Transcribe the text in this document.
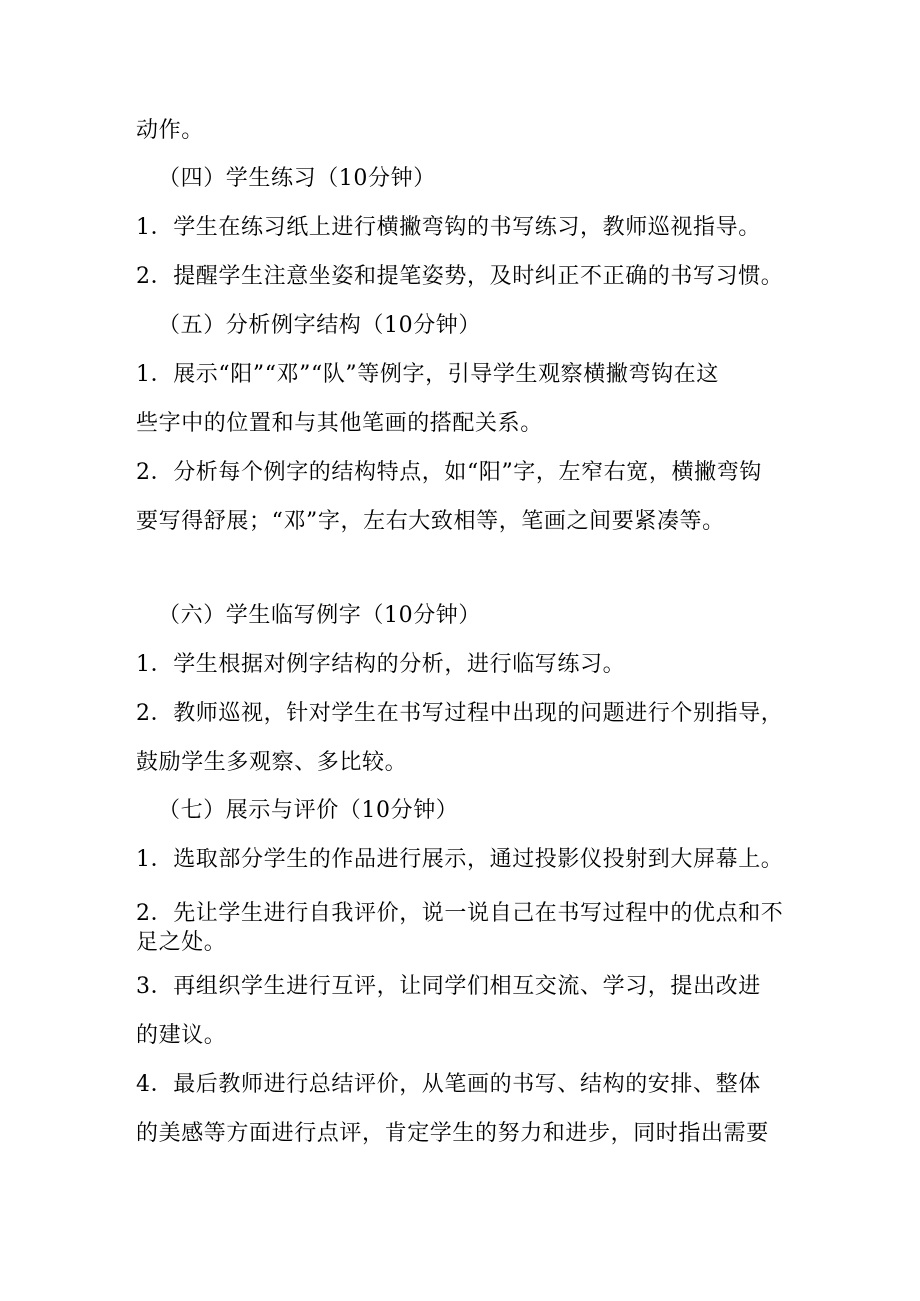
动作。
（四）学生练习（10分钟）
1．学生在练习纸上进行横撇弯钩的书写练习，教师巡视指导。
2．提醒学生注意坐姿和提笔姿势，及时纠正不正确的书写习惯。
（五）分析例字结构（10分钟）
1．展示“阳”“邓”“队”等例字，引导学生观察横撇弯钩在这
些字中的位置和与其他笔画的搭配关系。
2．分析每个例字的结构特点，如“阳”字，左窄右宽，横撇弯钩
要写得舒展；“邓”字，左右大致相等，笔画之间要紧凑等。
（六）学生临写例字（10分钟）
1．学生根据对例字结构的分析，进行临写练习。
2．教师巡视，针对学生在书写过程中出现的问题进行个别指导，
鼓励学生多观察、多比较。
（七）展示与评价（10分钟）
1．选取部分学生的作品进行展示，通过投影仪投射到大屏幕上。
2．先让学生进行自我评价，说一说自己在书写过程中的优点和不
足之处。
3．再组织学生进行互评，让同学们相互交流、学习，提出改进
的建议。
4．最后教师进行总结评价，从笔画的书写、结构的安排、整体
的美感等方面进行点评，肯定学生的努力和进步，同时指出需要
